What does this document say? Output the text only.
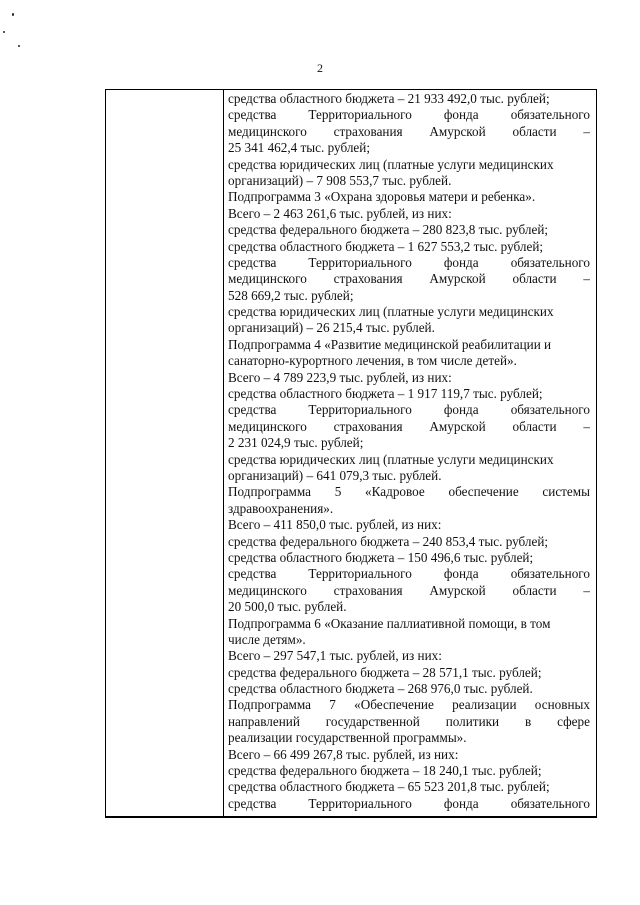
2
средства областного бюджета – 21 933 492,0 тыс. рублей;
средства Территориального фонда обязательного
медицинского страхования Амурской области –
25 341 462,4 тыс. рублей;
средства юридических лиц (платные услуги медицинских
организаций) – 7 908 553,7 тыс. рублей.
Подпрограмма 3 «Охрана здоровья матери и ребенка».
Всего – 2 463 261,6 тыс. рублей, из них:
средства федерального бюджета – 280 823,8 тыс. рублей;
средства областного бюджета – 1 627 553,2 тыс. рублей;
средства Территориального фонда обязательного
медицинского страхования Амурской области –
528 669,2 тыс. рублей;
средства юридических лиц (платные услуги медицинских
организаций) – 26 215,4 тыс. рублей.
Подпрограмма 4 «Развитие медицинской реабилитации и
санаторно-курортного лечения, в том числе детей».
Всего – 4 789 223,9 тыс. рублей, из них:
средства областного бюджета – 1 917 119,7 тыс. рублей;
средства Территориального фонда обязательного
медицинского страхования Амурской области –
2 231 024,9 тыс. рублей;
средства юридических лиц (платные услуги медицинских
организаций) – 641 079,3 тыс. рублей.
Подпрограмма 5 «Кадровое обеспечение системы
здравоохранения».
Всего – 411 850,0 тыс. рублей, из них:
средства федерального бюджета – 240 853,4 тыс. рублей;
средства областного бюджета – 150 496,6 тыс. рублей;
средства Территориального фонда обязательного
медицинского страхования Амурской области –
20 500,0 тыс. рублей.
Подпрограмма 6 «Оказание паллиативной помощи, в том
числе детям».
Всего – 297 547,1 тыс. рублей, из них:
средства федерального бюджета – 28 571,1 тыс. рублей;
средства областного бюджета – 268 976,0 тыс. рублей.
Подпрограмма 7 «Обеспечение реализации основных
направлений государственной политики в сфере
реализации государственной программы».
Всего – 66 499 267,8 тыс. рублей, из них:
средства федерального бюджета – 18 240,1 тыс. рублей;
средства областного бюджета – 65 523 201,8 тыс. рублей;
средства Территориального фонда обязательного
